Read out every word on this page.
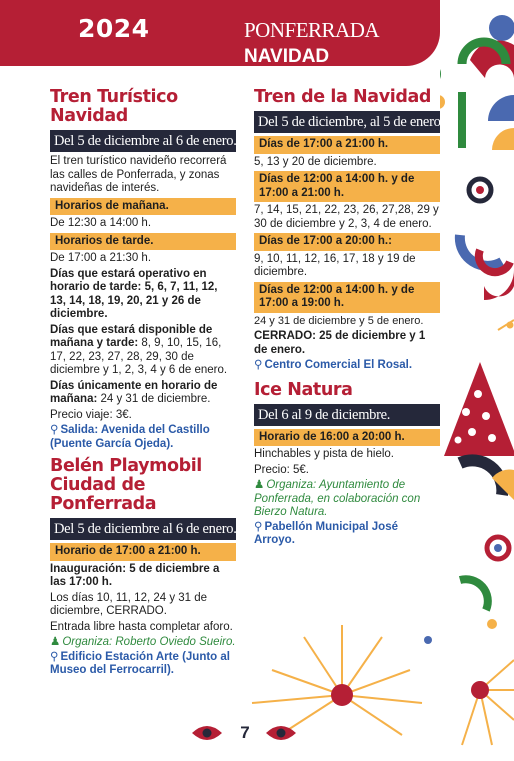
2024	PONFERRADA NAVIDAD
Tren Turístico Navidad
Del 5 de diciembre al 6 de enero.
El tren turístico navideño recorrerá las calles de Ponferrada, y zonas navideñas de interés.
Horarios de mañana.
De 12:30 a 14:00 h.
Horarios de tarde.
De 17:00 a 21:30 h.
Días que estará operativo en horario de tarde: 5, 6, 7, 11, 12, 13, 14, 18, 19, 20, 21 y 26 de diciembre.
Días que estará disponible de mañana y tarde: 8, 9, 10, 15, 16, 17, 22, 23, 27, 28, 29, 30 de diciembre y 1, 2, 3, 4 y 6 de enero.
Días únicamente en horario de mañana: 24 y 31 de diciembre.
Precio viaje: 3€.
⚲ Salida: Avenida del Castillo (Puente García Ojeda).
Belén Playmobil Ciudad de Ponferrada
Del 5 de diciembre al 6 de enero.
Horario de 17:00 a 21:00 h.
Inauguración: 5 de diciembre a las 17:00 h.
Los días 10, 11, 12, 24 y 31 de diciembre, CERRADO.
Entrada libre hasta completar aforo.
♟ Organiza: Roberto Oviedo Sueiro.
⚲ Edificio Estación Arte (Junto al Museo del Ferrocarril).
Tren de la Navidad
Del 5 de diciembre, al 5 de enero.
Días de 17:00 a 21:00 h.
5, 13 y 20 de diciembre.
Días de 12:00 a 14:00 h. y de 17:00 a 21:00 h.
7, 14, 15, 21, 22, 23, 26, 27,28, 29 y 30 de diciembre y 2, 3, 4 de enero.
Días de 17:00 a 20:00 h.:
9, 10, 11, 12, 16, 17, 18 y 19 de diciembre.
Días de 12:00 a 14:00 h. y de 17:00 a 19:00 h.
24 y 31 de diciembre y 5 de enero.
CERRADO: 25 de diciembre y 1 de enero.
⚲ Centro Comercial El Rosal.
Ice Natura
Del 6 al 9 de diciembre.
Horario de 16:00 a 20:00 h.
Hinchables y pista de hielo.
Precio: 5€.
♟ Organiza: Ayuntamiento de Ponferrada, en colaboración con Bierzo Natura.
⚲ Pabellón Municipal José Arroyo.
7
